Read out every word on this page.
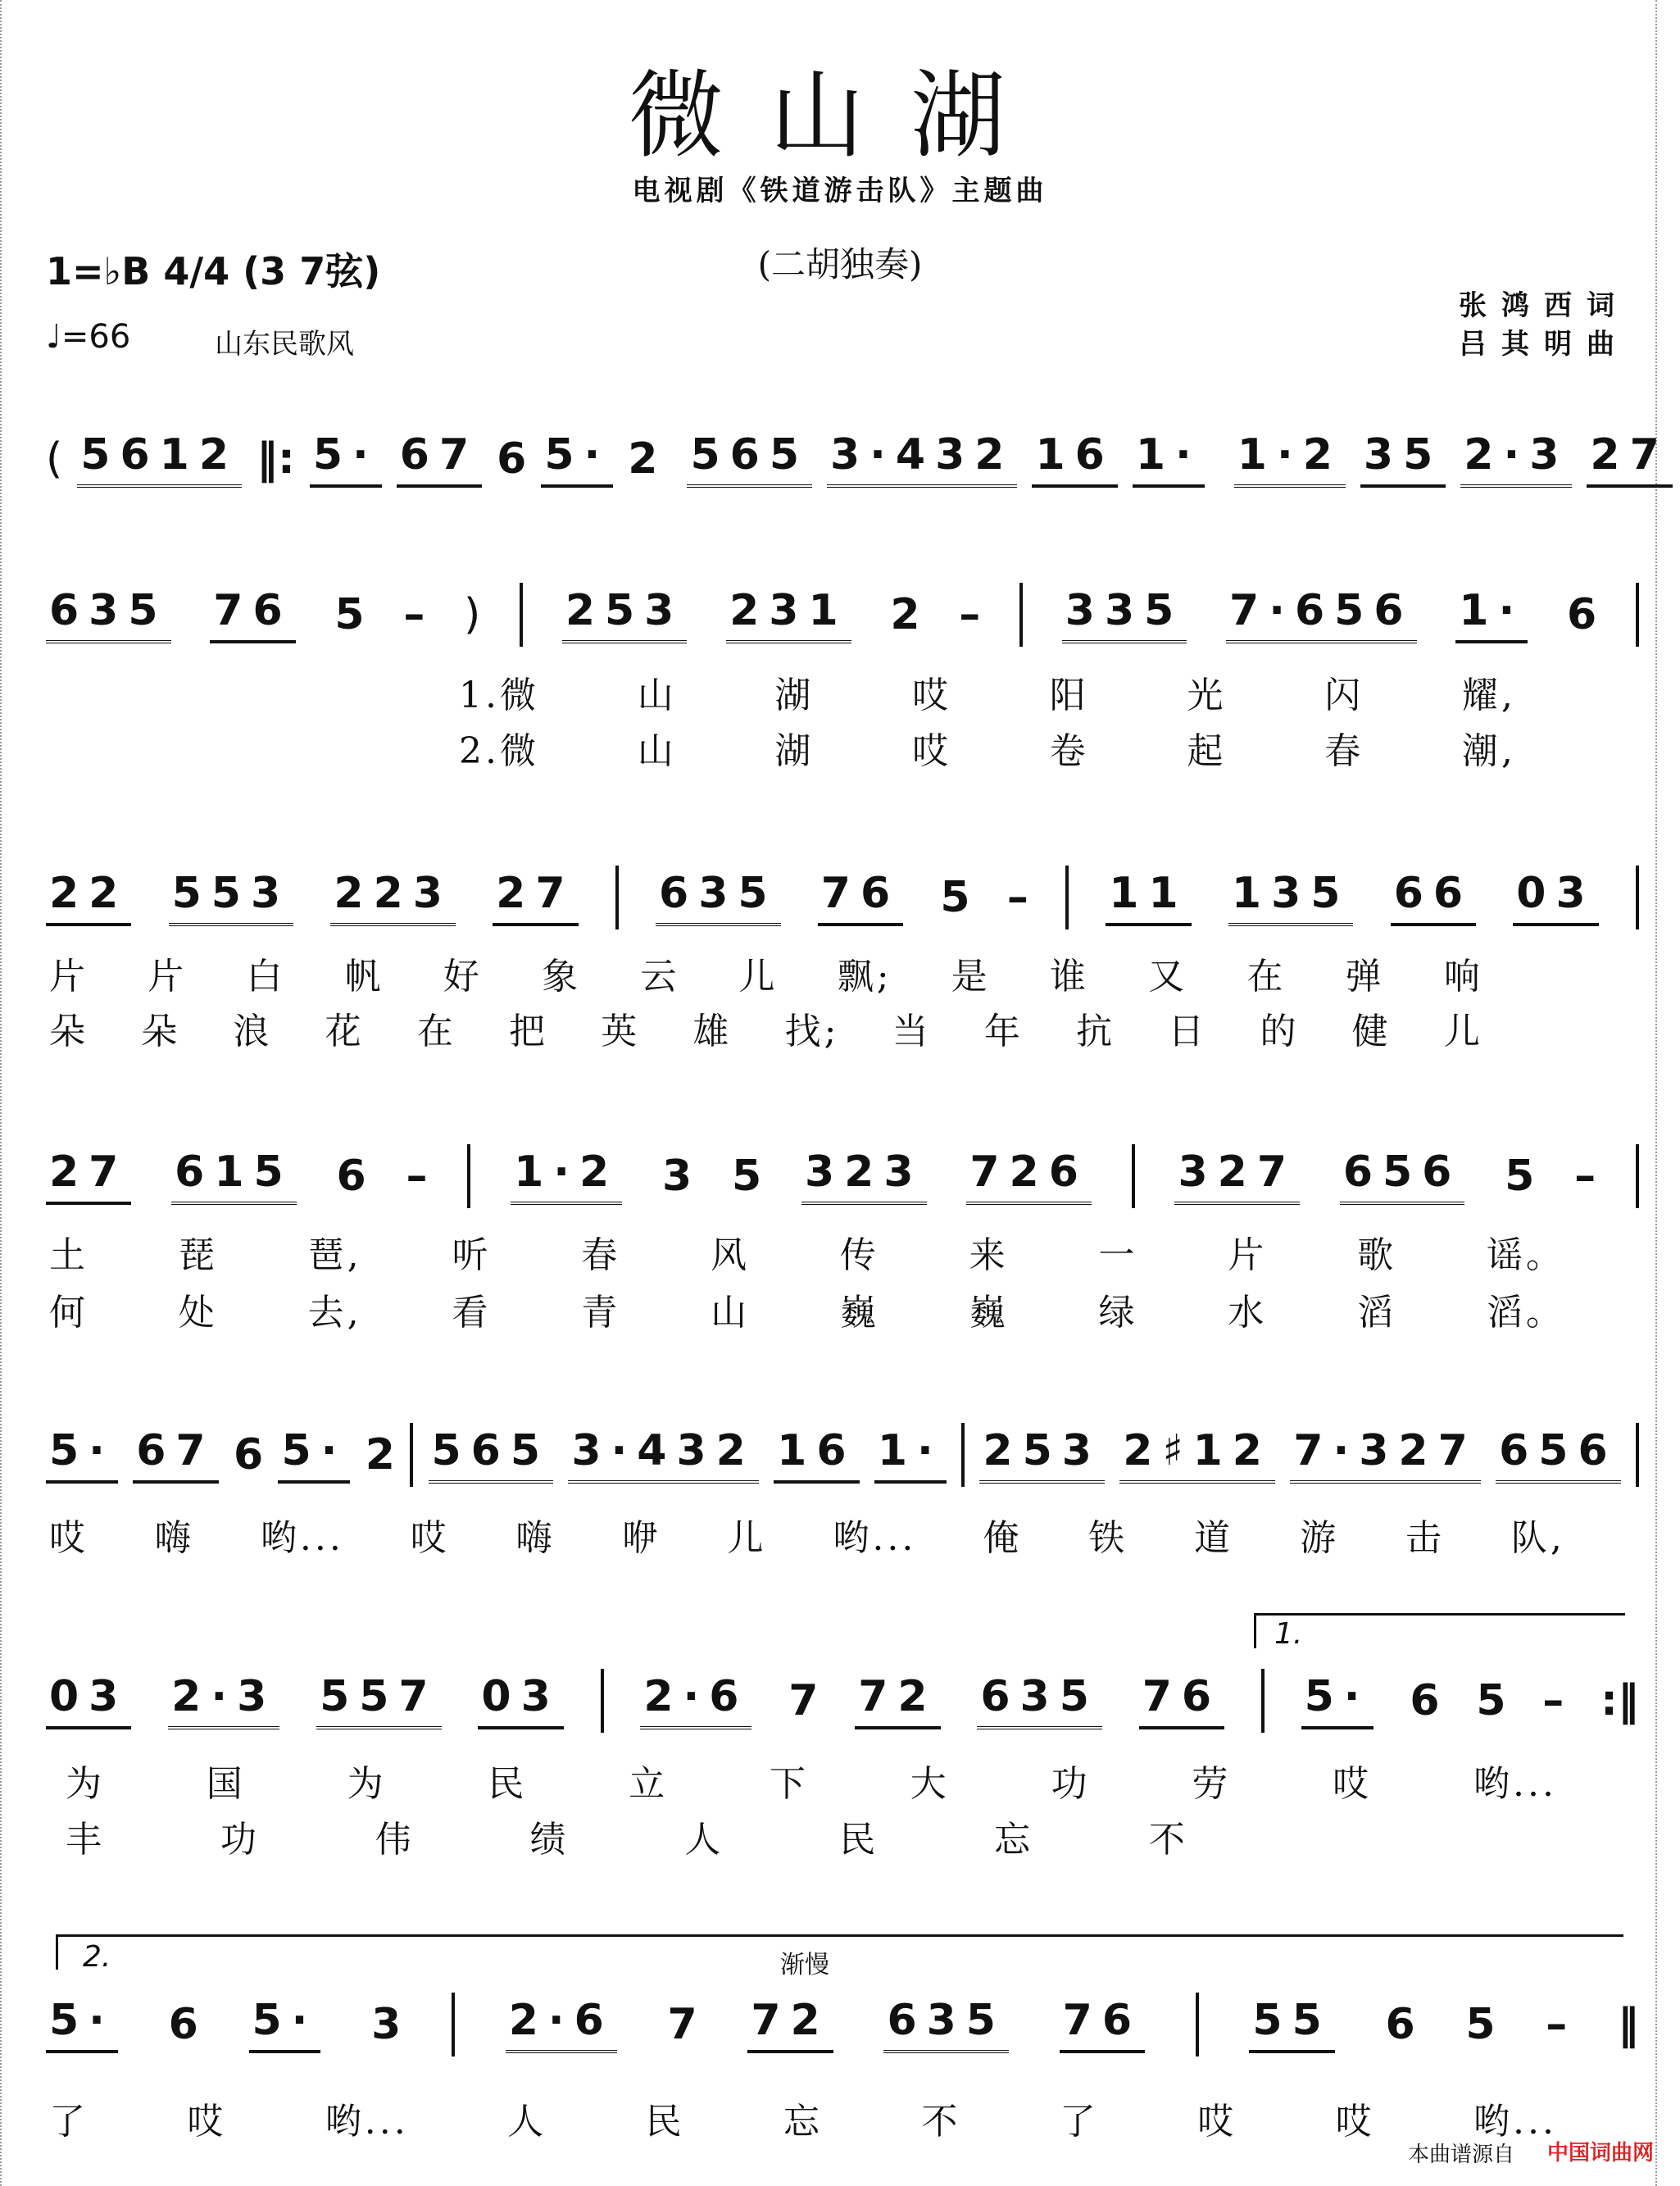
微山湖
电视剧《铁道游击队》主题曲
(二胡独奏)
1=♭B 4/4 (3 7弦)
♩=66	山东民歌风
张鸿西词
吕其明曲
( 5612 ‖: 5· 67 6 5· 2 565 3·432 16 1· 1·2 35 2·3 27
635 76 5 – ) 253 231 2 – 335 7·656 1· 6
1.微	山	湖	哎	阳	光	闪	耀,
2.微	山	湖	哎	卷	起	春	潮,
22 553 223 27 635 76 5 – 11 135 66 03
片 片 白 帆 好 象 云 儿 飘; 是 谁 又 在 弹 响
朵 朵 浪 花 在 把 英 雄 找; 当 年 抗 日 的 健 儿
27 615 6 – 1·2 3 5 323 726 327 656 5 –
土 琵 琶, 听 春 风 传 来 一 片 歌 谣。
何 处 去, 看 青 山 巍 巍 绿 水 滔 滔。
5· 67 6 5· 2 565 3·432 16 1· 253 2♯12 7·327 656
哎 嗨 哟... 哎 嗨 咿 儿 哟... 俺 铁 道 游 击 队,
1.
03 2·3 557 03 2·6 7 72 635 76 5· 6 5 – :‖
为	国	为	民	立	下	大	功	劳	哎	哟...
丰	功	伟	绩	人	民	忘	不
2.	渐慢
5· 6 5· 3	2·6 7 72 635 76	55 6 5 – ‖
了	哎	哟...	人	民	忘	不	了	哎	哎	哟...
本曲谱源自 中国词曲网
